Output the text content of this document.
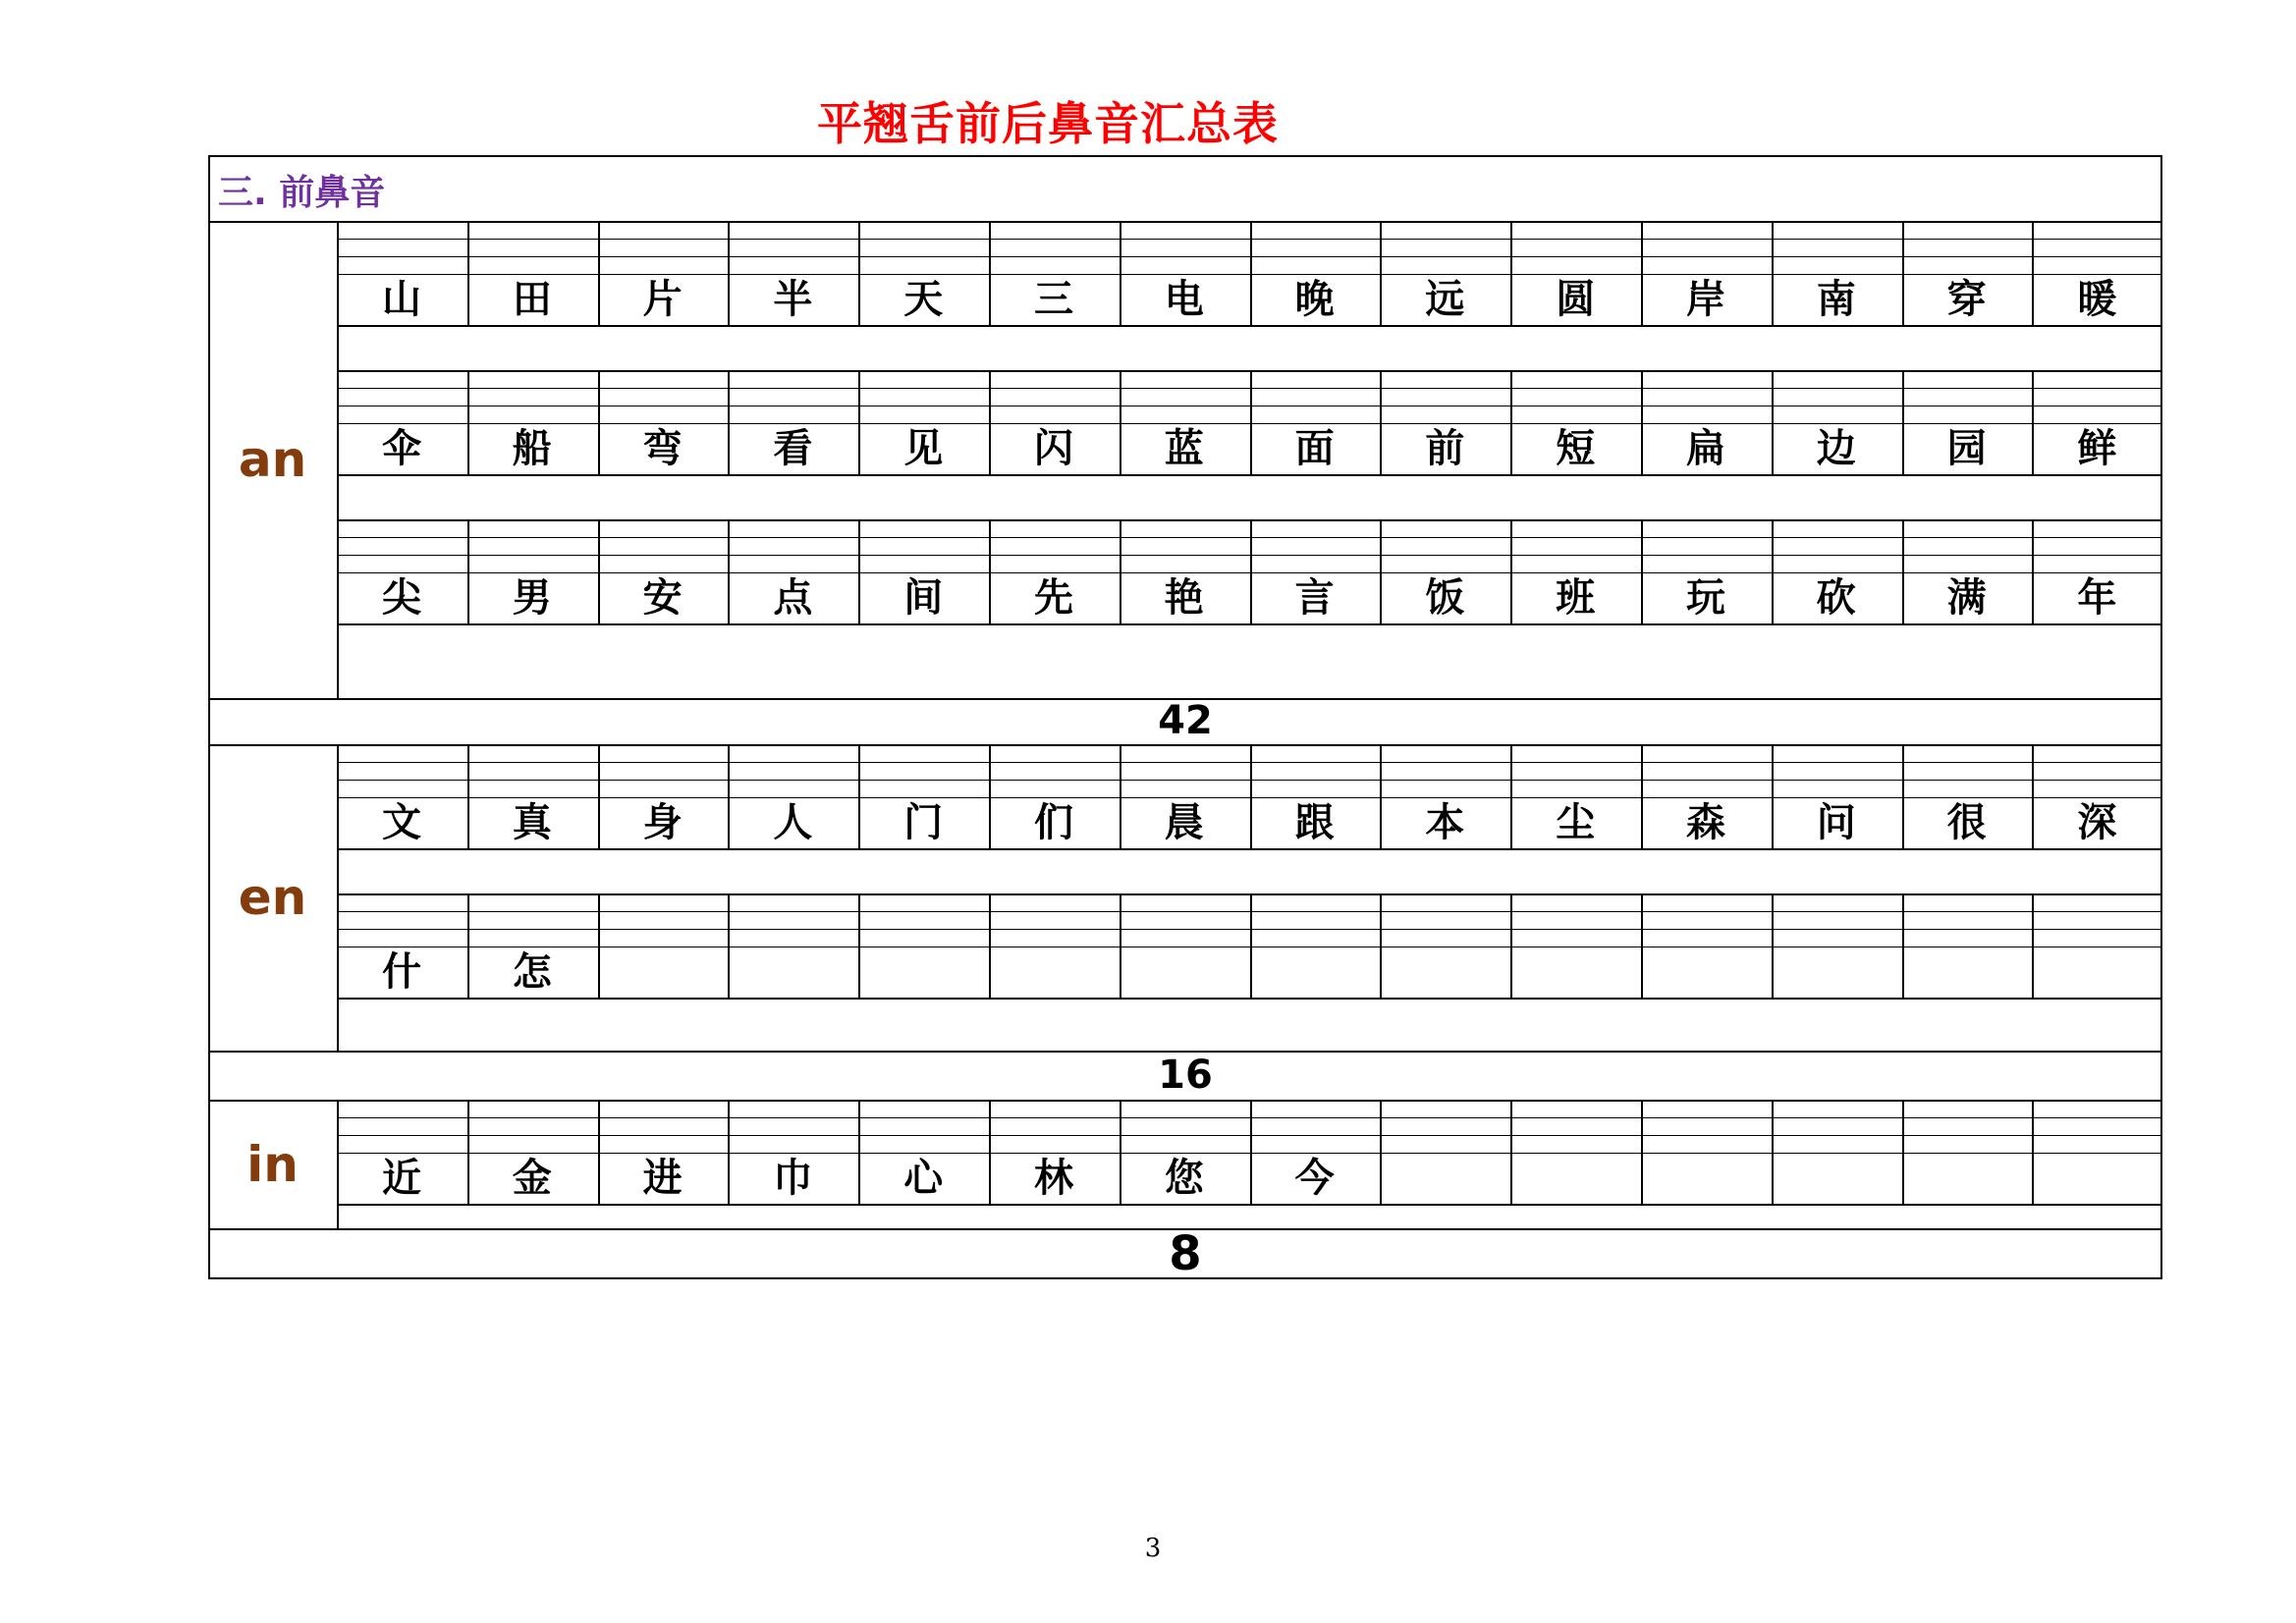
平翘舌前后鼻音汇总表
三. 前鼻音
an
山	田	片	半	天	三	电	晚	远	圆	岸	南	穿	暖
伞	船	弯	看	见	闪	蓝	面	前	短	扁	边	园	鲜
尖	男	安	点	间	先	艳	言	饭	班	玩	砍	满	年
42
en
文	真	身	人	门	们	晨	跟	本	尘	森	问	很	深
什	怎
16
in	近	金	进	巾	心	林	您	今
8
3
